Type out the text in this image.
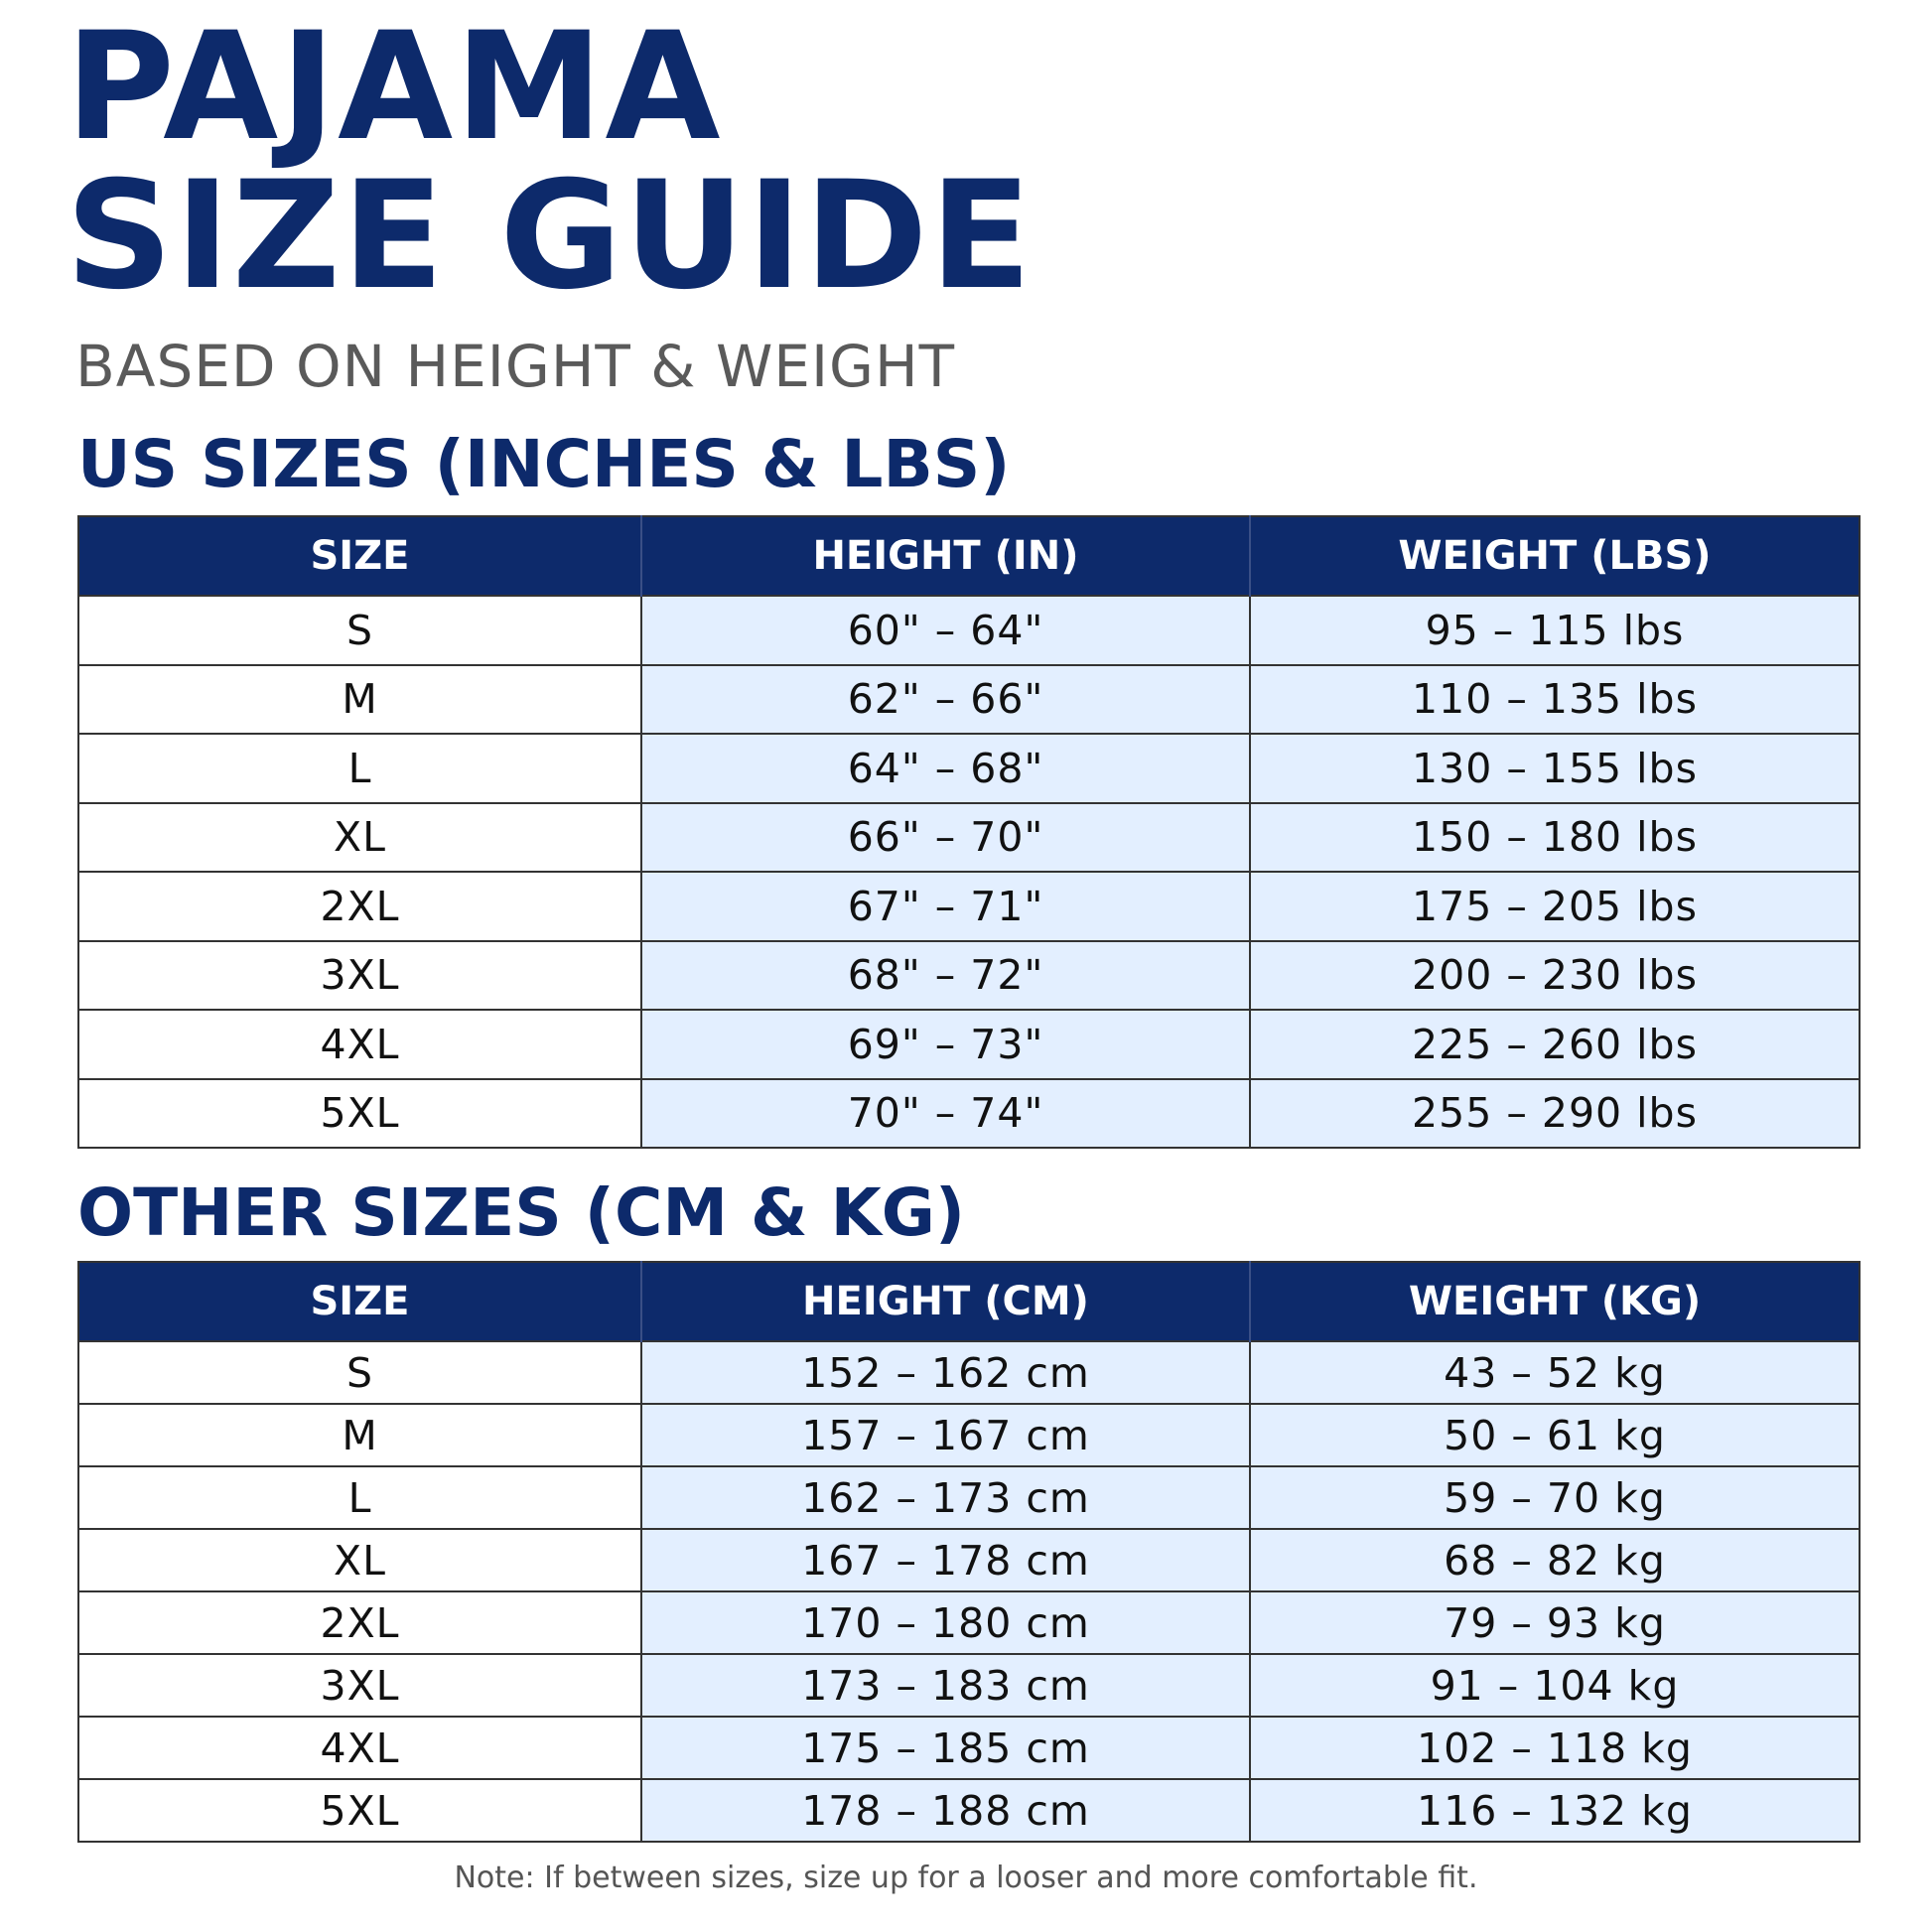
PAJAMA
SIZE GUIDE

BASED ON HEIGHT & WEIGHT

US SIZES (INCHES & LBS)
SIZE	HEIGHT (IN)	WEIGHT (LBS)
S	60" – 64"	95 – 115 lbs
M	62" – 66"	110 – 135 lbs
L	64" – 68"	130 – 155 lbs
XL	66" – 70"	150 – 180 lbs
2XL	67" – 71"	175 – 205 lbs
3XL	68" – 72"	200 – 230 lbs
4XL	69" – 73"	225 – 260 lbs
5XL	70" – 74"	255 – 290 lbs
OTHER SIZES (CM & KG)
SIZE	HEIGHT (CM)	WEIGHT (KG)
S	152 – 162 cm	43 – 52 kg
M	157 – 167 cm	50 – 61 kg
L	162 – 173 cm	59 – 70 kg
XL	167 – 178 cm	68 – 82 kg
2XL	170 – 180 cm	79 – 93 kg
3XL	173 – 183 cm	91 – 104 kg
4XL	175 – 185 cm	102 – 118 kg
5XL	178 – 188 cm	116 – 132 kg

Note: If between sizes, size up for a looser and more comfortable fit.
